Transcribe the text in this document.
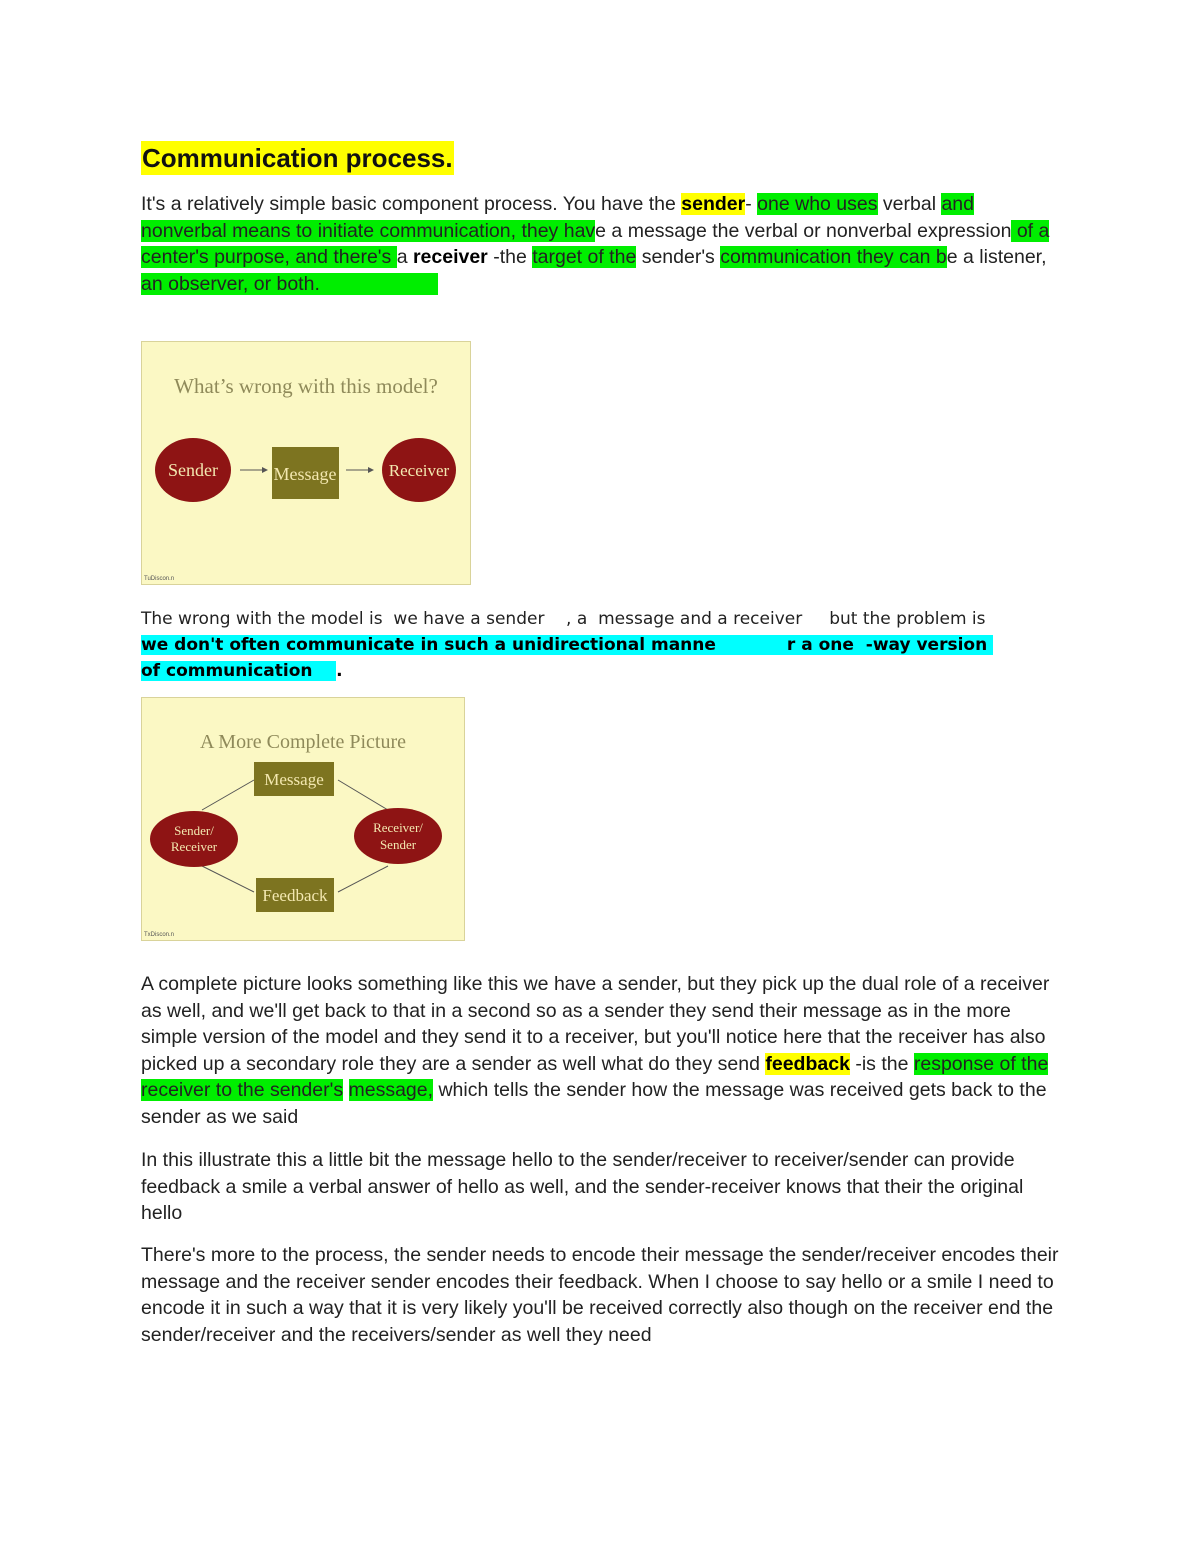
Communication process.

It's a relatively simple basic component process. You have the sender- one who uses verbal and nonverbal means to initiate communication, they have a message the verbal or nonverbal expression of a center's purpose, and there's a receiver -the target of the sender's communication they can be a listener, an observer, or both.

What’s wrong with this model?
Sender	Message	Receiver
TuDiscon.n

The wrong with the model is  we have a sender    , a  message and a receiver     but the problem is we don't often communicate in such a unidirectional manne            r a one  -way version of communication    .

A More Complete Picture
Message
Sender/
Receiver
Receiver/
Sender
Feedback
TxDiscon.n

A complete picture looks something like this we have a sender, but they pick up the dual role of a receiver as well, and we'll get back to that in a second so as a sender they send their message as in the more simple version of the model and they send it to a receiver, but you'll notice here that the receiver has also picked up a secondary role they are a sender as well what do they send feedback -is the response of the receiver to the sender's message, which tells the sender how the message was received gets back to the sender as we said

In this illustrate this a little bit the message hello to the sender/receiver to receiver/sender can provide feedback a smile a verbal answer of hello as well, and the sender-receiver knows that their the original hello

There's more to the process, the sender needs to encode their message the sender/receiver encodes their message and the receiver sender encodes their feedback. When I choose to say hello or a smile I need to encode it in such a way that it is very likely you'll be received correctly also though on the receiver end the sender/receiver and the receivers/sender as well they need
